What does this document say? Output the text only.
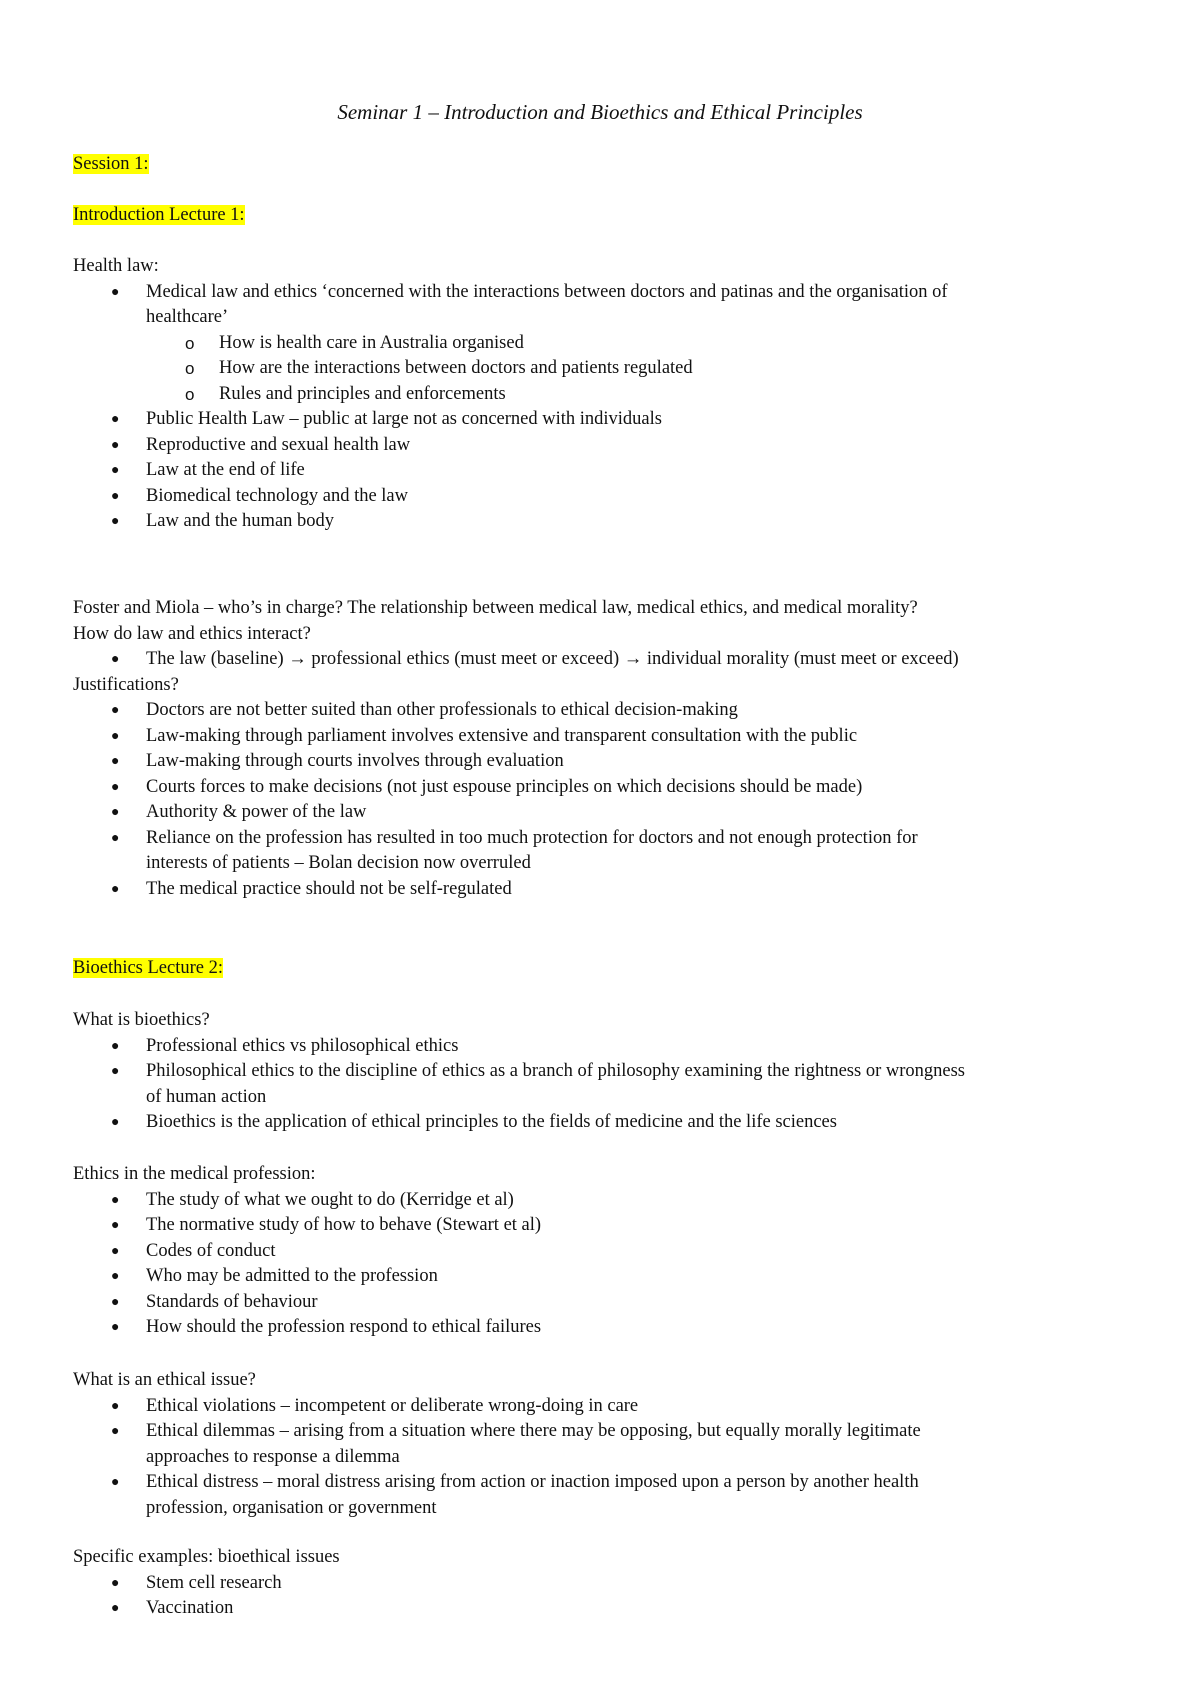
Seminar 1 – Introduction and Bioethics and Ethical Principles
Session 1:
Introduction Lecture 1:
Health law:
●	Medical law and ethics ‘concerned with the interactions between doctors and patinas and the organisation of
healthcare’
o	How is health care in Australia organised
o	How are the interactions between doctors and patients regulated
o	Rules and principles and enforcements
●	Public Health Law – public at large not as concerned with individuals
●	Reproductive and sexual health law
●	Law at the end of life
●	Biomedical technology and the law
●	Law and the human body
Foster and Miola – who’s in charge? The relationship between medical law, medical ethics, and medical morality?
How do law and ethics interact?
●	The law (baseline) → professional ethics (must meet or exceed) → individual morality (must meet or exceed)
Justifications?
●	Doctors are not better suited than other professionals to ethical decision-making
●	Law-making through parliament involves extensive and transparent consultation with the public
●	Law-making through courts involves through evaluation
●	Courts forces to make decisions (not just espouse principles on which decisions should be made)
●	Authority & power of the law
●	Reliance on the profession has resulted in too much protection for doctors and not enough protection for
interests of patients – Bolan decision now overruled
●	The medical practice should not be self-regulated
Bioethics Lecture 2:
What is bioethics?
●	Professional ethics vs philosophical ethics
●	Philosophical ethics to the discipline of ethics as a branch of philosophy examining the rightness or wrongness
of human action
●	Bioethics is the application of ethical principles to the fields of medicine and the life sciences
Ethics in the medical profession:
●	The study of what we ought to do (Kerridge et al)
●	The normative study of how to behave (Stewart et al)
●	Codes of conduct
●	Who may be admitted to the profession
●	Standards of behaviour
●	How should the profession respond to ethical failures
What is an ethical issue?
●	Ethical violations – incompetent or deliberate wrong-doing in care
●	Ethical dilemmas – arising from a situation where there may be opposing, but equally morally legitimate
approaches to response a dilemma
●	Ethical distress – moral distress arising from action or inaction imposed upon a person by another health
profession, organisation or government
Specific examples: bioethical issues
●	Stem cell research
●	Vaccination
